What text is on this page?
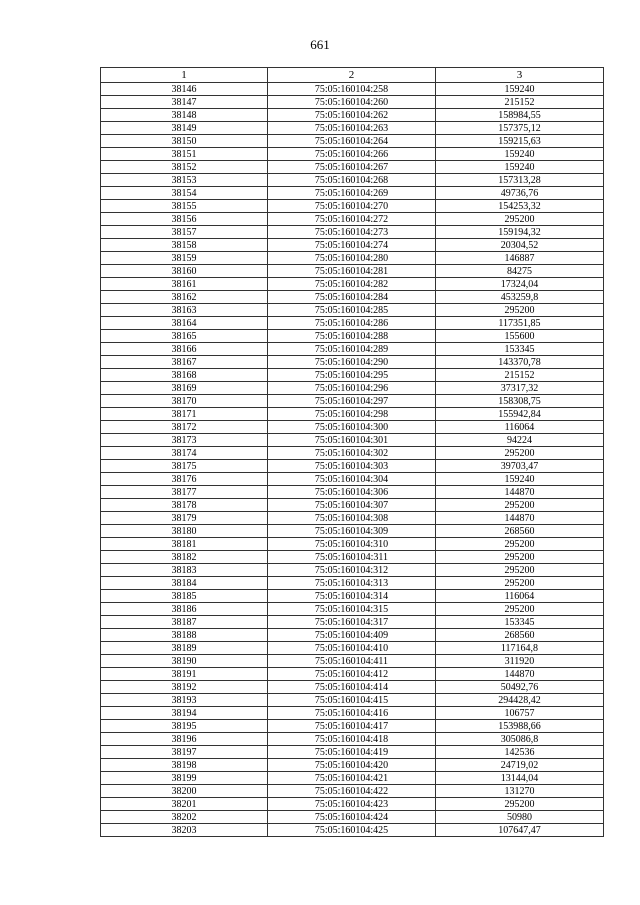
661
1	2	3
38146	75:05:160104:258	159240
38147	75:05:160104:260	215152
38148	75:05:160104:262	158984,55
38149	75:05:160104:263	157375,12
38150	75:05:160104:264	159215,63
38151	75:05:160104:266	159240
38152	75:05:160104:267	159240
38153	75:05:160104:268	157313,28
38154	75:05:160104:269	49736,76
38155	75:05:160104:270	154253,32
38156	75:05:160104:272	295200
38157	75:05:160104:273	159194,32
38158	75:05:160104:274	20304,52
38159	75:05:160104:280	146887
38160	75:05:160104:281	84275
38161	75:05:160104:282	17324,04
38162	75:05:160104:284	453259,8
38163	75:05:160104:285	295200
38164	75:05:160104:286	117351,85
38165	75:05:160104:288	155600
38166	75:05:160104:289	153345
38167	75:05:160104:290	143370,78
38168	75:05:160104:295	215152
38169	75:05:160104:296	37317,32
38170	75:05:160104:297	158308,75
38171	75:05:160104:298	155942,84
38172	75:05:160104:300	116064
38173	75:05:160104:301	94224
38174	75:05:160104:302	295200
38175	75:05:160104:303	39703,47
38176	75:05:160104:304	159240
38177	75:05:160104:306	144870
38178	75:05:160104:307	295200
38179	75:05:160104:308	144870
38180	75:05:160104:309	268560
38181	75:05:160104:310	295200
38182	75:05:160104:311	295200
38183	75:05:160104:312	295200
38184	75:05:160104:313	295200
38185	75:05:160104:314	116064
38186	75:05:160104:315	295200
38187	75:05:160104:317	153345
38188	75:05:160104:409	268560
38189	75:05:160104:410	117164,8
38190	75:05:160104:411	311920
38191	75:05:160104:412	144870
38192	75:05:160104:414	50492,76
38193	75:05:160104:415	294428,42
38194	75:05:160104:416	106757
38195	75:05:160104:417	153988,66
38196	75:05:160104:418	305086,8
38197	75:05:160104:419	142536
38198	75:05:160104:420	24719,02
38199	75:05:160104:421	13144,04
38200	75:05:160104:422	131270
38201	75:05:160104:423	295200
38202	75:05:160104:424	50980
38203	75:05:160104:425	107647,47
